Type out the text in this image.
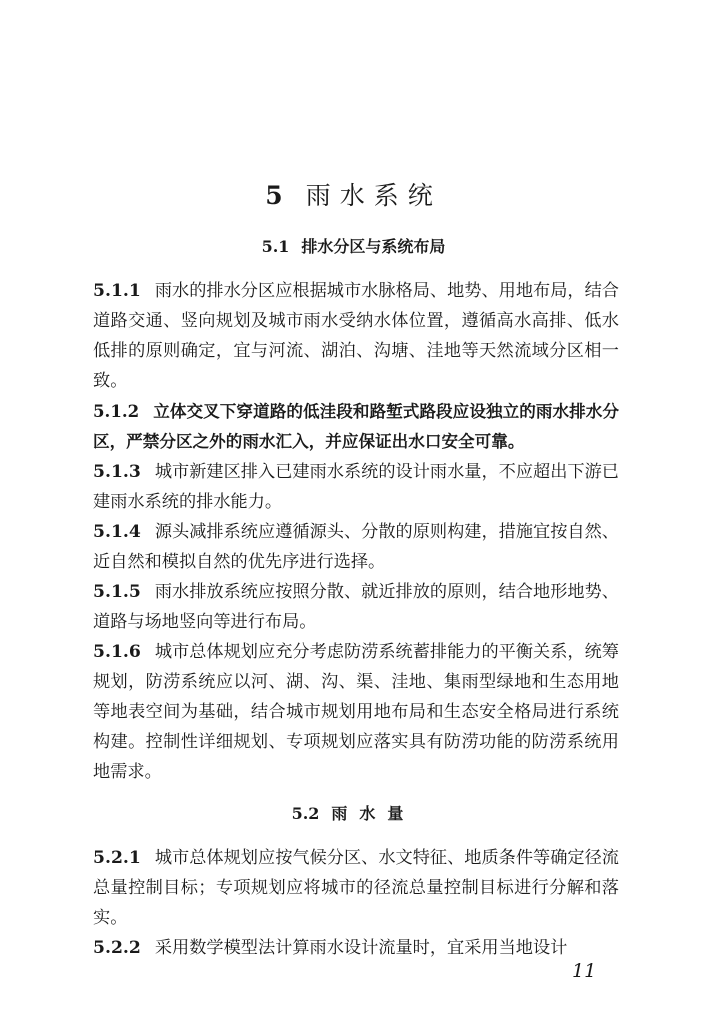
5 雨水系统
5.1 排水分区与系统布局

5.1.1 雨水的排水分区应根据城市水脉格局、地势、用地布局，结合道路交通、竖向规划及城市雨水受纳水体位置，遵循高水高排、低水低排的原则确定，宜与河流、湖泊、沟塘、洼地等天然流域分区相一致。

5.1.2 立体交叉下穿道路的低洼段和路堑式路段应设独立的雨水排水分区，严禁分区之外的雨水汇入，并应保证出水口安全可靠。

5.1.3 城市新建区排入已建雨水系统的设计雨水量，不应超出下游已建雨水系统的排水能力。

5.1.4 源头减排系统应遵循源头、分散的原则构建，措施宜按自然、近自然和模拟自然的优先序进行选择。

5.1.5 雨水排放系统应按照分散、就近排放的原则，结合地形地势、道路与场地竖向等进行布局。

5.1.6 城市总体规划应充分考虑防涝系统蓄排能力的平衡关系，统筹规划，防涝系统应以河、湖、沟、渠、洼地、集雨型绿地和生态用地等地表空间为基础，结合城市规划用地布局和生态安全格局进行系统构建。控制性详细规划、专项规划应落实具有防涝功能的防涝系统用地需求。

5.2 雨水量

5.2.1 城市总体规划应按气候分区、水文特征、地质条件等确定径流总量控制目标；专项规划应将城市的径流总量控制目标进行分解和落实。

5.2.2 采用数学模型法计算雨水设计流量时，宜采用当地设计

11
